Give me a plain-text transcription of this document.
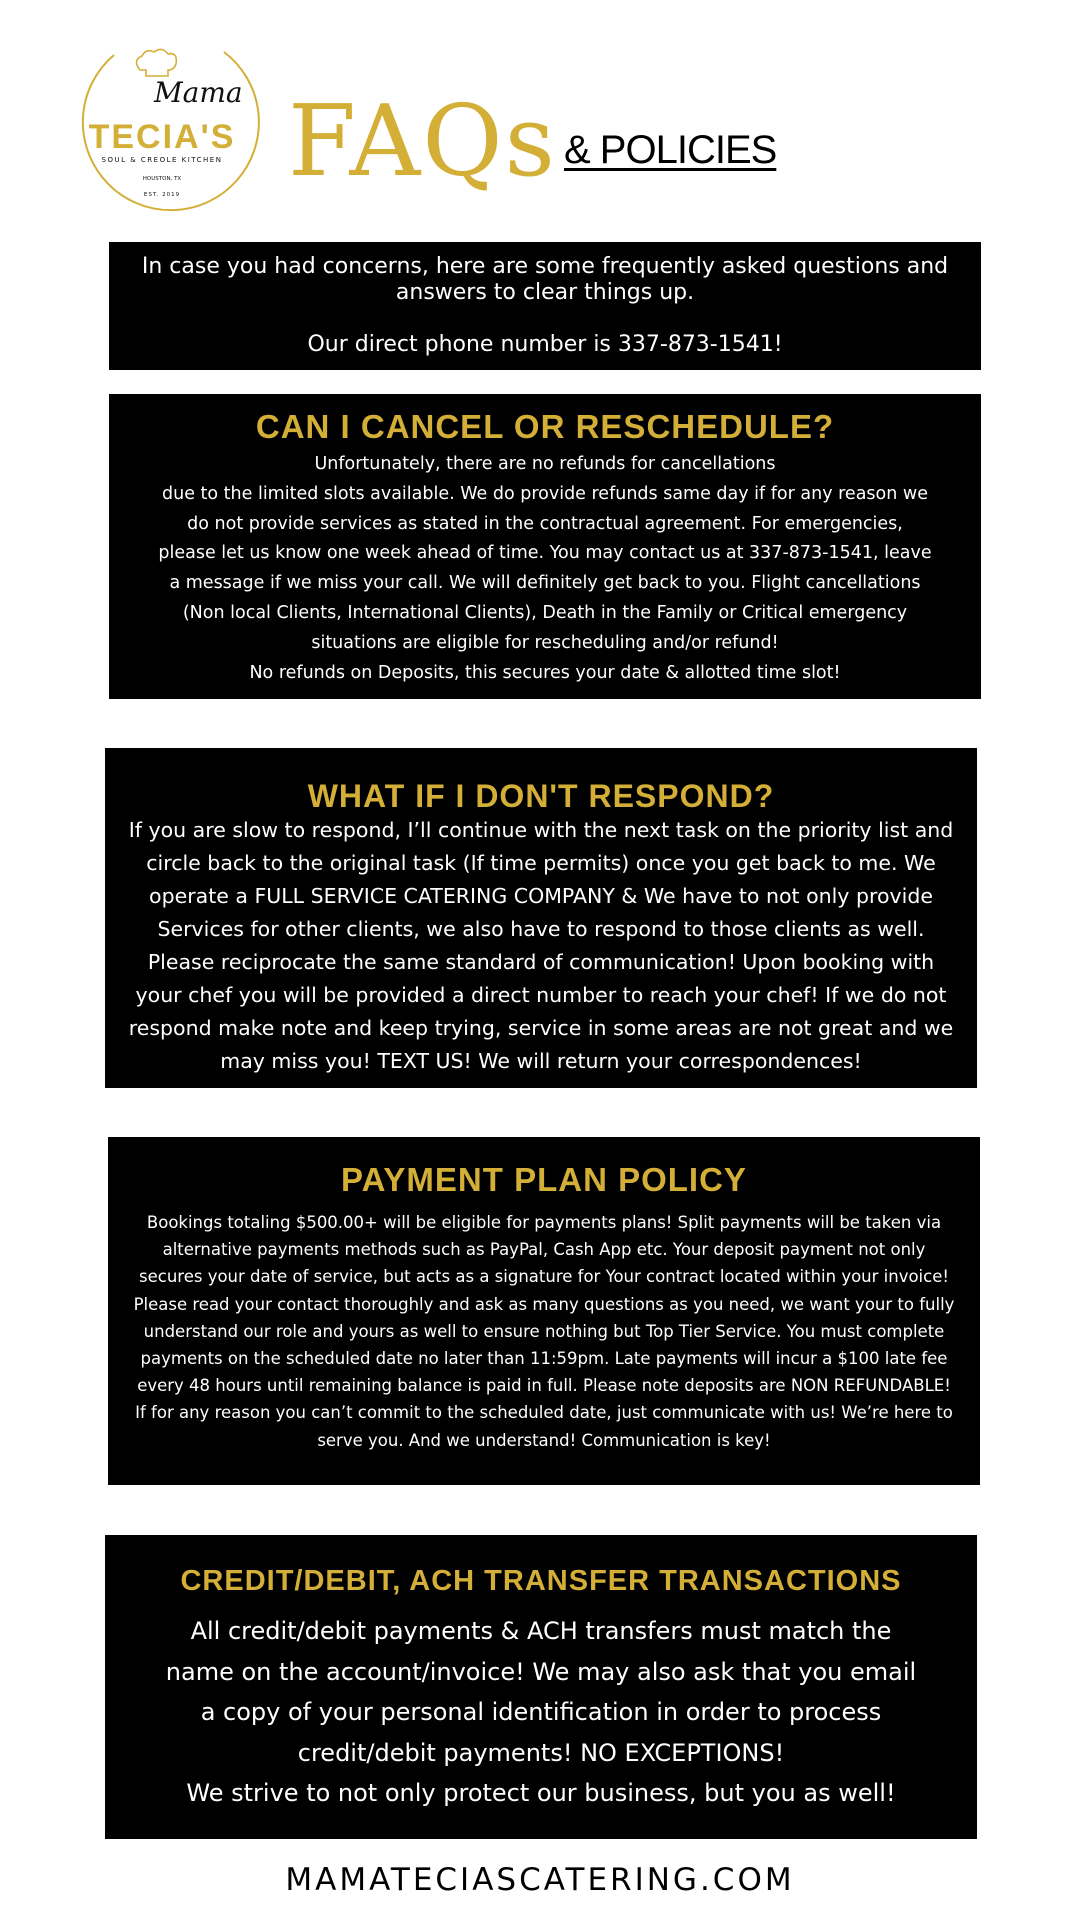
Mama
TECIA'S
SOUL & CREOLE KITCHEN
HOUSTON, TX
EST. 2019 FAQs & POLICIES

In case you had concerns, here are some frequently asked questions and answers to clear things up.

Our direct phone number is 337-873-1541!

CAN I CANCEL OR RESCHEDULE?
Unfortunately, there are no refunds for cancellations
due to the limited slots available. We do provide refunds same day if for any reason we
do not provide services as stated in the contractual agreement. For emergencies,
please let us know one week ahead of time. You may contact us at 337-873-1541, leave
a message if we miss your call. We will definitely get back to you. Flight cancellations
(Non local Clients, International Clients), Death in the Family or Critical emergency
situations are eligible for rescheduling and/or refund!
No refunds on Deposits, this secures your date & allotted time slot!
WHAT IF I DON'T RESPOND?
If you are slow to respond, I’ll continue with the next task on the priority list and
circle back to the original task (If time permits) once you get back to me. We
operate a FULL SERVICE CATERING COMPANY & We have to not only provide
Services for other clients, we also have to respond to those clients as well.
Please reciprocate the same standard of communication! Upon booking with
your chef you will be provided a direct number to reach your chef! If we do not
respond make note and keep trying, service in some areas are not great and we
may miss you! TEXT US! We will return your correspondences!
PAYMENT PLAN POLICY
Bookings totaling $500.00+ will be eligible for payments plans! Split payments will be taken via
alternative payments methods such as PayPal, Cash App etc. Your deposit payment not only
secures your date of service, but acts as a signature for Your contract located within your invoice!
Please read your contact thoroughly and ask as many questions as you need, we want your to fully
understand our role and yours as well to ensure nothing but Top Tier Service. You must complete
payments on the scheduled date no later than 11:59pm. Late payments will incur a $100 late fee
every 48 hours until remaining balance is paid in full. Please note deposits are NON REFUNDABLE!
If for any reason you can’t commit to the scheduled date, just communicate with us! We’re here to
serve you. And we understand! Communication is key!
CREDIT/DEBIT, ACH TRANSFER TRANSACTIONS
All credit/debit payments & ACH transfers must match the
name on the account/invoice! We may also ask that you email
a copy of your personal identification in order to process
credit/debit payments! NO EXCEPTIONS!
We strive to not only protect our business, but you as well!
MAMATECIASCATERING.COM
